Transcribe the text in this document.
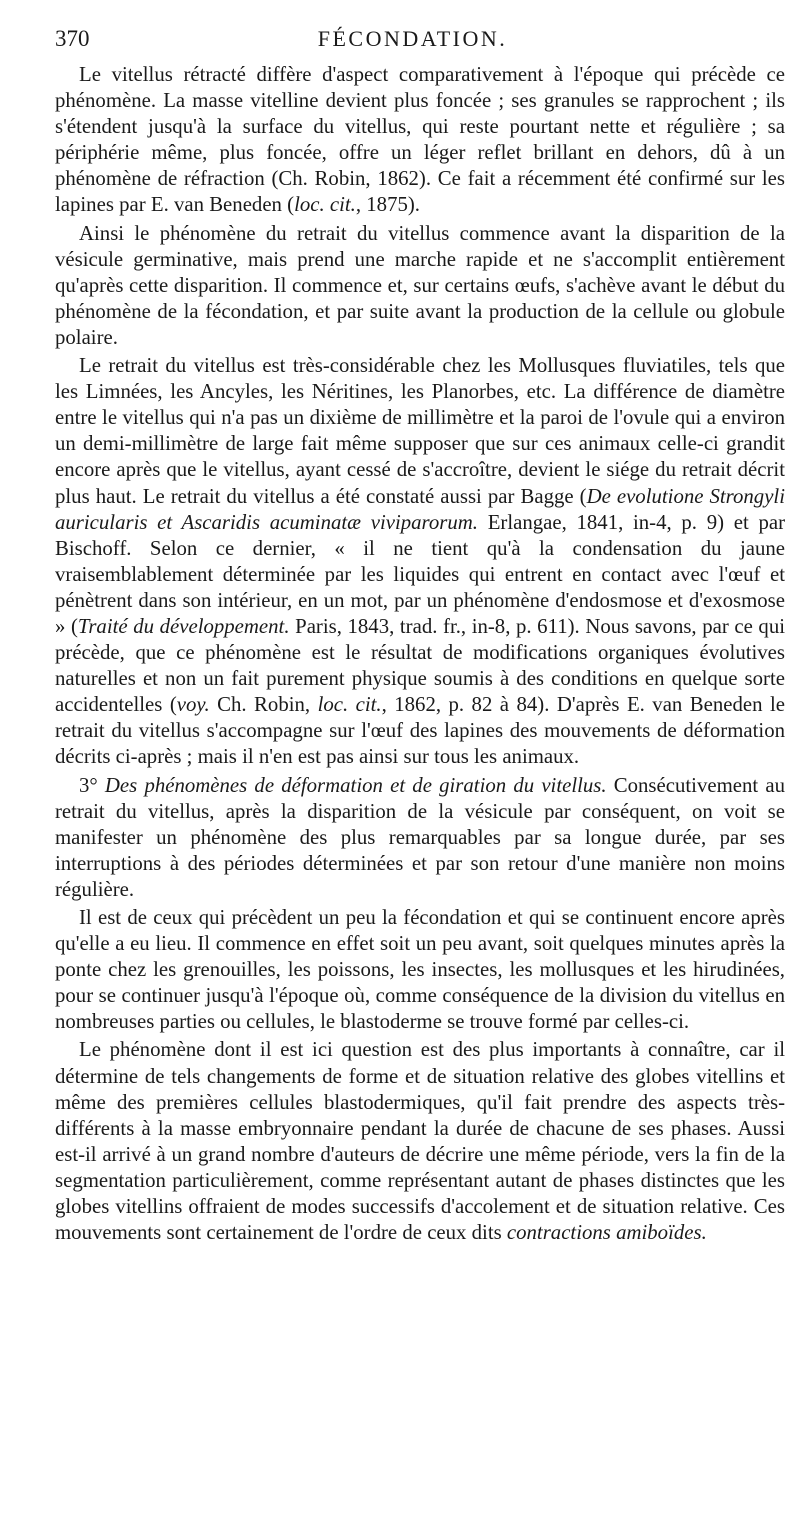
370	FÉCONDATION.

Le vitellus rétracté diffère d'aspect comparativement à l'époque qui précède ce phénomène. La masse vitelline devient plus foncée ; ses granules se rapprochent ; ils s'étendent jusqu'à la surface du vitellus, qui reste pourtant nette et régulière ; sa périphérie même, plus foncée, offre un léger reflet brillant en dehors, dû à un phénomène de réfraction (Ch. Robin, 1862). Ce fait a récemment été confirmé sur les lapines par E. van Beneden (loc. cit., 1875).

Ainsi le phénomène du retrait du vitellus commence avant la disparition de la vésicule germinative, mais prend une marche rapide et ne s'accomplit entièrement qu'après cette disparition. Il commence et, sur certains œufs, s'achève avant le début du phénomène de la fécondation, et par suite avant la production de la cellule ou globule polaire.

Le retrait du vitellus est très-considérable chez les Mollusques fluviatiles, tels que les Limnées, les Ancyles, les Néritines, les Planorbes, etc. La différence de diamètre entre le vitellus qui n'a pas un dixième de millimètre et la paroi de l'ovule qui a environ un demi-millimètre de large fait même supposer que sur ces animaux celle-ci grandit encore après que le vitellus, ayant cessé de s'accroître, devient le siége du retrait décrit plus haut. Le retrait du vitellus a été constaté aussi par Bagge (De evolutione Strongyli auricularis et Ascaridis acuminatæ viviparorum. Erlangae, 1841, in-4, p. 9) et par Bischoff. Selon ce dernier, « il ne tient qu'à la condensation du jaune vraisemblablement déterminée par les liquides qui entrent en contact avec l'œuf et pénètrent dans son intérieur, en un mot, par un phénomène d'endosmose et d'exosmose » (Traité du développement. Paris, 1843, trad. fr., in-8, p. 611). Nous savons, par ce qui précède, que ce phénomène est le résultat de modifications organiques évolutives naturelles et non un fait purement physique soumis à des conditions en quelque sorte accidentelles (voy. Ch. Robin, loc. cit., 1862, p. 82 à 84). D'après E. van Beneden le retrait du vitellus s'accompagne sur l'œuf des lapines des mouvements de déformation décrits ci-après ; mais il n'en est pas ainsi sur tous les animaux.

3° Des phénomènes de déformation et de giration du vitellus. Consécutivement au retrait du vitellus, après la disparition de la vésicule par conséquent, on voit se manifester un phénomène des plus remarquables par sa longue durée, par ses interruptions à des périodes déterminées et par son retour d'une manière non moins régulière.

Il est de ceux qui précèdent un peu la fécondation et qui se continuent encore après qu'elle a eu lieu. Il commence en effet soit un peu avant, soit quelques minutes après la ponte chez les grenouilles, les poissons, les insectes, les mollusques et les hirudinées, pour se continuer jusqu'à l'époque où, comme conséquence de la division du vitellus en nombreuses parties ou cellules, le blastoderme se trouve formé par celles-ci.

Le phénomène dont il est ici question est des plus importants à connaître, car il détermine de tels changements de forme et de situation relative des globes vitellins et même des premières cellules blastodermiques, qu'il fait prendre des aspects très-différents à la masse embryonnaire pendant la durée de chacune de ses phases. Aussi est-il arrivé à un grand nombre d'auteurs de décrire une même période, vers la fin de la segmentation particulièrement, comme représentant autant de phases distinctes que les globes vitellins offraient de modes successifs d'accolement et de situation relative. Ces mouvements sont certainement de l'ordre de ceux dits contractions amiboïdes.
